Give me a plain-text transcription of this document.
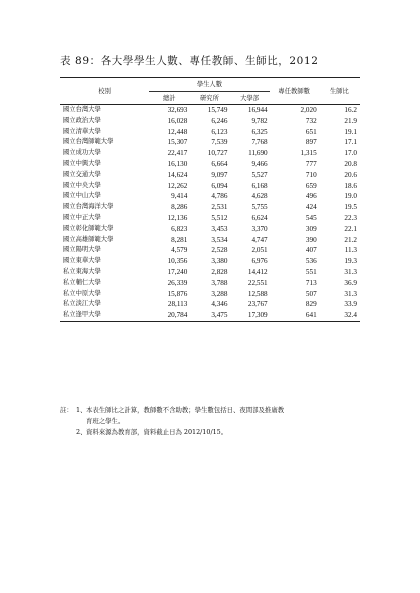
表 89：各大學學生人數、專任教師、生師比，2012
校別	學生人數			專任教師數	生師比
	總計	研究所	大學部		
國立台灣大學	32,693	15,749	16,944	2,020	16.2
國立政治大學	16,028	6,246	9,782	732	21.9
國立清華大學	12,448	6,123	6,325	651	19.1
國立台灣師範大學	15,307	7,539	7,768	897	17.1
國立成功大學	22,417	10,727	11,690	1,315	17.0
國立中興大學	16,130	6,664	9,466	777	20.8
國立交通大學	14,624	9,097	5,527	710	20.6
國立中央大學	12,262	6,094	6,168	659	18.6
國立中山大學	9,414	4,786	4,628	496	19.0
國立台灣海洋大學	8,286	2,531	5,755	424	19.5
國立中正大學	12,136	5,512	6,624	545	22.3
國立彰化師範大學	6,823	3,453	3,370	309	22.1
國立高雄師範大學	8,281	3,534	4,747	390	21.2
國立陽明大學	4,579	2,528	2,051	407	11.3
國立東華大學	10,356	3,380	6,976	536	19.3
私立東海大學	17,240	2,828	14,412	551	31.3
私立輔仁大學	26,339	3,788	22,551	713	36.9
私立中原大學	15,876	3,288	12,588	507	31.3
私立淡江大學	28,113	4,346	23,767	829	33.9
私立逢甲大學	20,784	3,475	17,309	641	32.4
註： 1、 本表生師比之計算，教師數不含助教；學生數包括日、夜間部及推廣教
育班之學生。
2、 資料來源為教育部，資料截止日為 2012/10/15。
